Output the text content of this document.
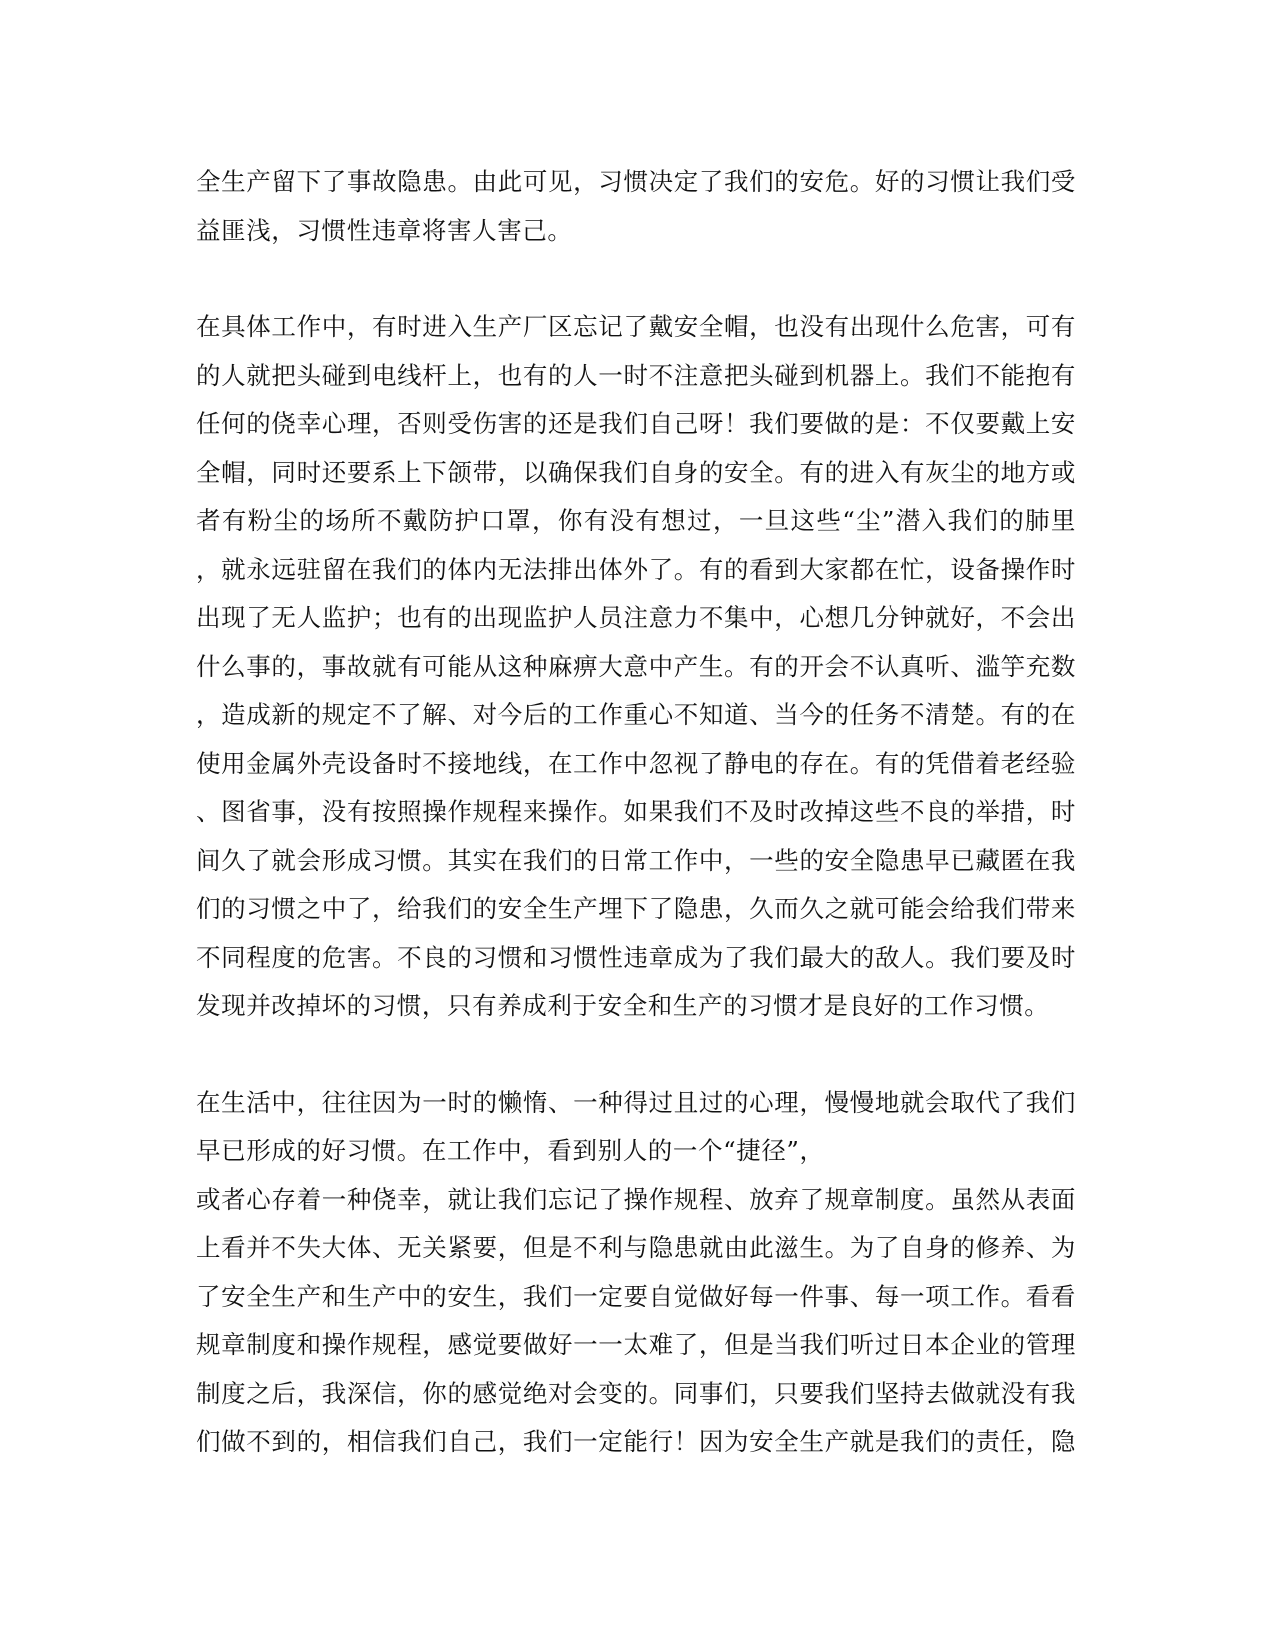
全生产留下了事故隐患。由此可见，习惯决定了我们的安危。好的习惯让我们受
益匪浅，习惯性违章将害人害己。
在具体工作中，有时进入生产厂区忘记了戴安全帽，也没有出现什么危害，可有
的人就把头碰到电线杆上，也有的人一时不注意把头碰到机器上。我们不能抱有
任何的侥幸心理，否则受伤害的还是我们自己呀！我们要做的是：不仅要戴上安
全帽，同时还要系上下颌带，以确保我们自身的安全。有的进入有灰尘的地方或
者有粉尘的场所不戴防护口罩，你有没有想过，一旦这些“尘”潜入我们的肺里
，就永远驻留在我们的体内无法排出体外了。有的看到大家都在忙，设备操作时
出现了无人监护；也有的出现监护人员注意力不集中，心想几分钟就好，不会出
什么事的，事故就有可能从这种麻痹大意中产生。有的开会不认真听、滥竽充数
，造成新的规定不了解、对今后的工作重心不知道、当今的任务不清楚。有的在
使用金属外壳设备时不接地线，在工作中忽视了静电的存在。有的凭借着老经验
、图省事，没有按照操作规程来操作。如果我们不及时改掉这些不良的举措，时
间久了就会形成习惯。其实在我们的日常工作中，一些的安全隐患早已藏匿在我
们的习惯之中了，给我们的安全生产埋下了隐患，久而久之就可能会给我们带来
不同程度的危害。不良的习惯和习惯性违章成为了我们最大的敌人。我们要及时
发现并改掉坏的习惯，只有养成利于安全和生产的习惯才是良好的工作习惯。
在生活中，往往因为一时的懒惰、一种得过且过的心理，慢慢地就会取代了我们
早已形成的好习惯。在工作中，看到别人的一个“捷径”，
或者心存着一种侥幸，就让我们忘记了操作规程、放弃了规章制度。虽然从表面
上看并不失大体、无关紧要，但是不利与隐患就由此滋生。为了自身的修养、为
了安全生产和生产中的安生，我们一定要自觉做好每一件事、每一项工作。看看
规章制度和操作规程，感觉要做好一一太难了，但是当我们听过日本企业的管理
制度之后，我深信，你的感觉绝对会变的。同事们，只要我们坚持去做就没有我
们做不到的，相信我们自己，我们一定能行！因为安全生产就是我们的责任，隐
